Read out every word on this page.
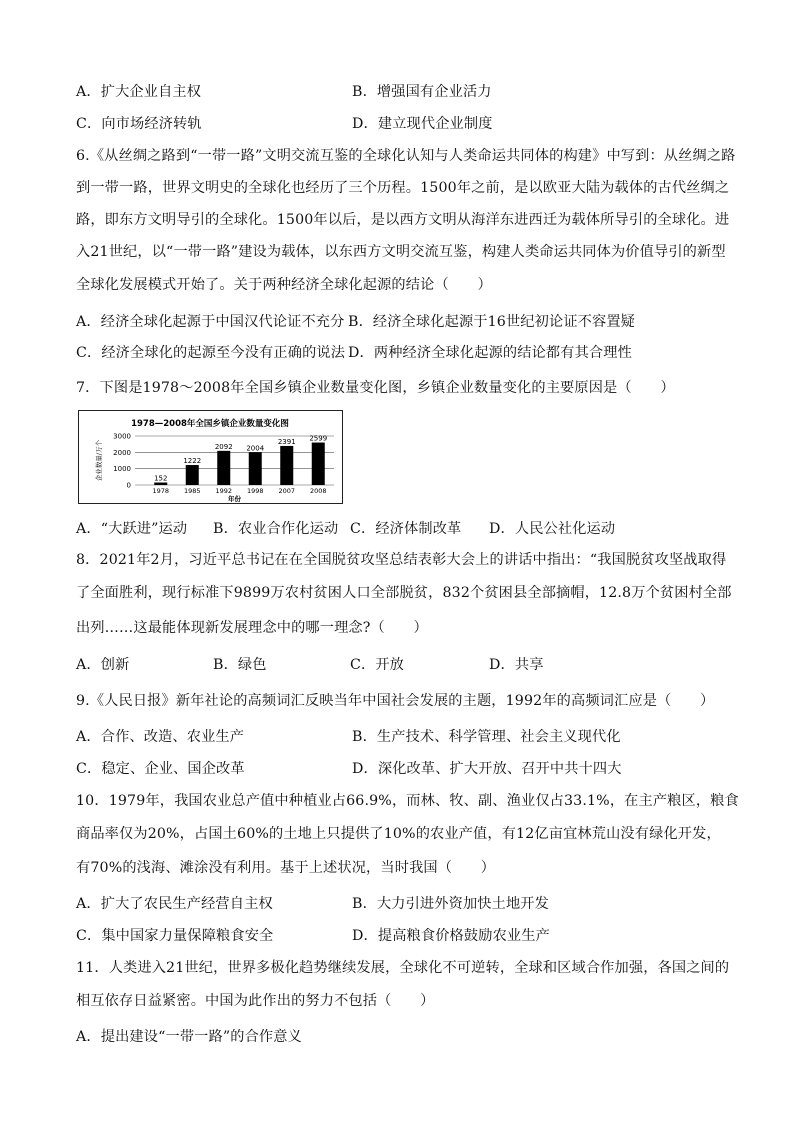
A．扩大企业自主权	B．增强国有企业活力
C．向市场经济转轨	D．建立现代企业制度
6.《从丝绸之路到“一带一路”文明交流互鉴的全球化认知与人类命运共同体的构建》中写到：从丝绸之路
到一带一路，世界文明史的全球化也经历了三个历程。1500年之前，是以欧亚大陆为载体的古代丝绸之
路，即东方文明导引的全球化。1500年以后，是以西方文明从海洋东进西迁为载体所导引的全球化。进
入21世纪，以“一带一路”建设为载体，以东西方文明交流互鉴，构建人类命运共同体为价值导引的新型
全球化发展模式开始了。关于两种经济全球化起源的结论（　　）
A．经济全球化起源于中国汉代论证不充分 B．经济全球化起源于16世纪初论证不容置疑
C．经济全球化的起源至今没有正确的说法 D．两种经济全球化起源的结论都有其合理性
7．下图是1978～2008年全国乡镇企业数量变化图，乡镇企业数量变化的主要原因是（　　）
1978—2008年全国乡镇企业数量变化图
0
1000
2000
3000
企业数量/万个	152
1978
1222
1985
2092
1992
2004
1998
2391
2007
2599
2008
年份
A．“大跃进”运动 B．农业合作化运动 C．经济体制改革 D．人民公社化运动
8．2021年2月，习近平总书记在在全国脱贫攻坚总结表彰大会上的讲话中指出：“我国脱贫攻坚战取得
了全面胜利，现行标准下9899万农村贫困人口全部脱贫，832个贫困县全部摘帽，12.8万个贫困村全部
出列……这最能体现新发展理念中的哪一理念?（　　）
A．创新	B．绿色	C．开放	D．共享
9.《人民日报》新年社论的高频词汇反映当年中国社会发展的主题，1992年的高频词汇应是（　　）
A．合作、改造、农业生产	B．生产技术、科学管理、社会主义现代化
C．稳定、企业、国企改革	D．深化改革、扩大开放、召开中共十四大
10．1979年，我国农业总产值中种植业占66.9%，而林、牧、副、渔业仅占33.1%，在主产粮区，粮食
商品率仅为20%，占国土60%的土地上只提供了10%的农业产值，有12亿亩宜林荒山没有绿化开发，
有70%的浅海、滩涂没有利用。基于上述状况，当时我国（　　）
A．扩大了农民生产经营自主权	B．大力引进外资加快土地开发
C．集中国家力量保障粮食安全	D．提高粮食价格鼓励农业生产
11．人类进入21世纪，世界多极化趋势继续发展，全球化不可逆转，全球和区域合作加强，各国之间的
相互依存日益紧密。中国为此作出的努力不包括（　　）
A．提出建设“一带一路”的合作意义
